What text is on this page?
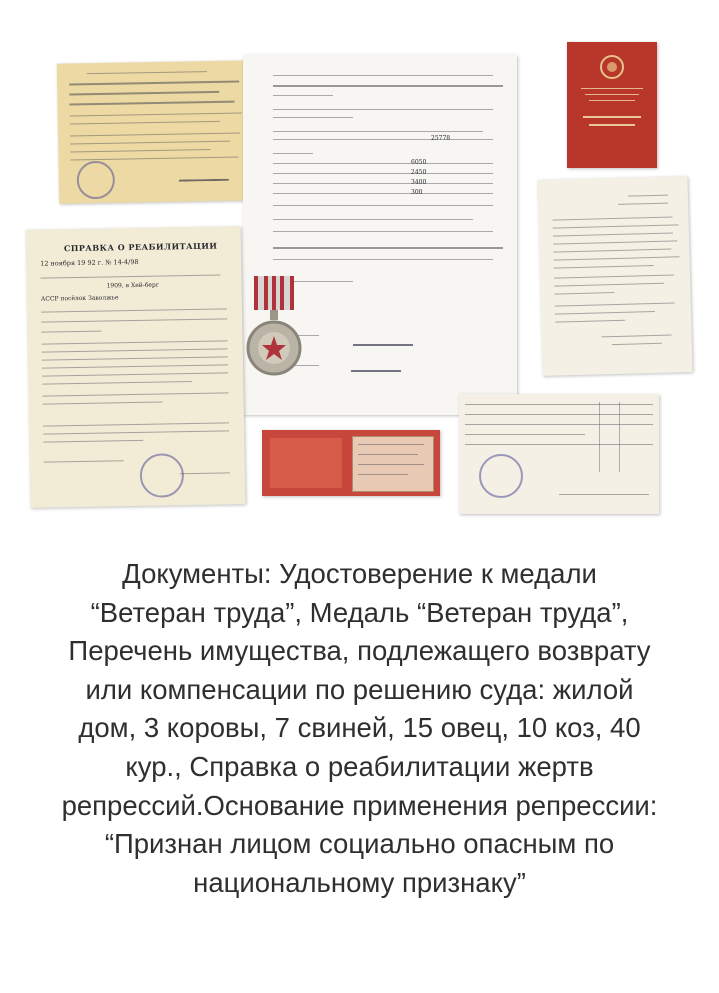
25778
6050
2450
3400
300
СПРАВКА О РЕАБИЛИТАЦИИ
12 ноября 19 92 г. № 14-4/98
1909, в Хей-берг
АССР посёлок Заволжье
Документы: Удостоверение к медали
“Ветеран труда”, Медаль “Ветеран труда”,
Перечень имущества, подлежащего возврату
или компенсации по решению суда: жилой
дом, 3 коровы, 7 свиней, 15 овец, 10 коз, 40
кур., Справка о реабилитации жертв
репрессий.Основание применения репрессии:
“Признан лицом социально опасным по
национальному признаку”
